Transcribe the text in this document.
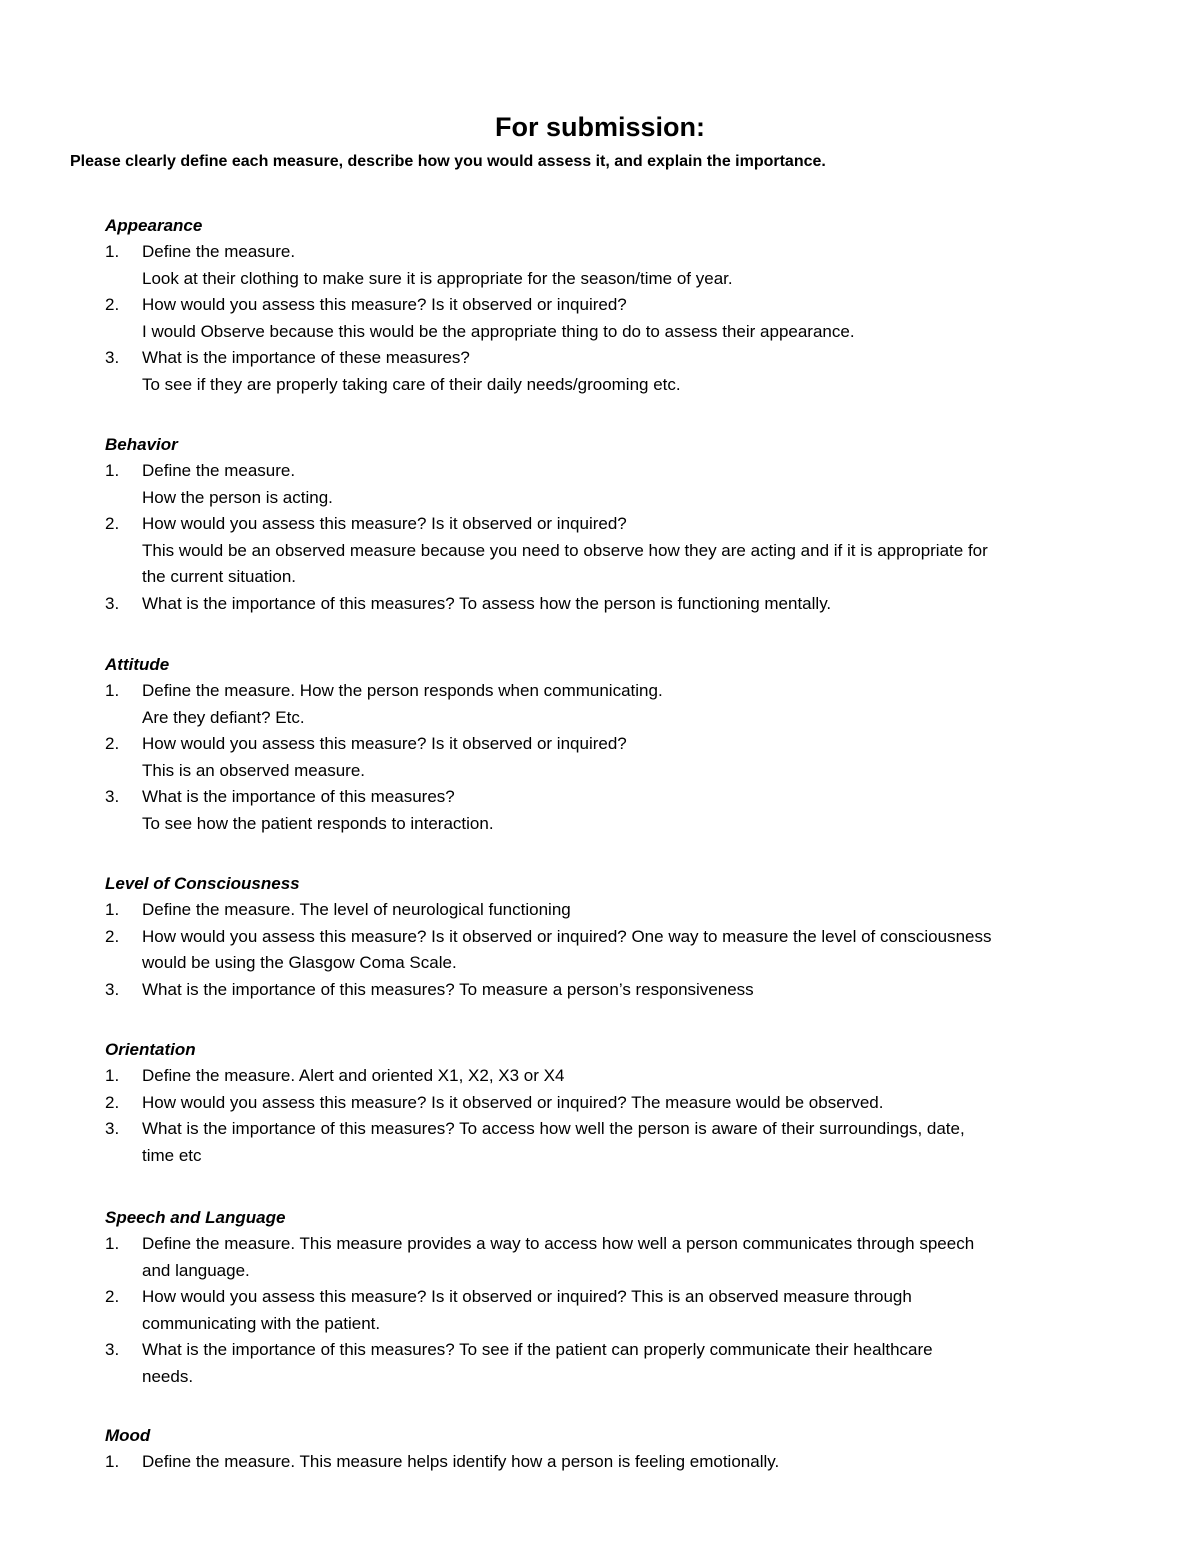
For submission:
Please clearly define each measure, describe how you would assess it, and explain the importance.
Appearance
1.	Define the measure.
Look at their clothing to make sure it is appropriate for the season/time of year.
2.	How would you assess this measure? Is it observed or inquired?
I would Observe because this would be the appropriate thing to do to assess their appearance.
3.	What is the importance of these measures?
To see if they are properly taking care of their daily needs/grooming etc.
Behavior
1.	Define the measure.
How the person is acting.
2.	How would you assess this measure? Is it observed or inquired?
This would be an observed measure because you need to observe how they are acting and if it is appropriate for
the current situation.
3.	What is the importance of this measures? To assess how the person is functioning mentally.
Attitude
1.	Define the measure. How the person responds when communicating.
Are they defiant? Etc.
2.	How would you assess this measure? Is it observed or inquired?
This is an observed measure.
3.	What is the importance of this measures?
To see how the patient responds to interaction.
Level of Consciousness
1.	Define the measure. The level of neurological functioning
2.	How would you assess this measure? Is it observed or inquired? One way to measure the level of consciousness
would be using the Glasgow Coma Scale.
3.	What is the importance of this measures? To measure a person’s responsiveness
Orientation
1.	Define the measure. Alert and oriented X1, X2, X3 or X4
2.	How would you assess this measure? Is it observed or inquired? The measure would be observed.
3.	What is the importance of this measures? To access how well the person is aware of their surroundings, date,
time etc
Speech and Language
1.	Define the measure. This measure provides a way to access how well a person communicates through speech
and language.
2.	How would you assess this measure? Is it observed or inquired? This is an observed measure through
communicating with the patient.
3.	What is the importance of this measures? To see if the patient can properly communicate their healthcare
needs.
Mood
1.	Define the measure. This measure helps identify how a person is feeling emotionally.
